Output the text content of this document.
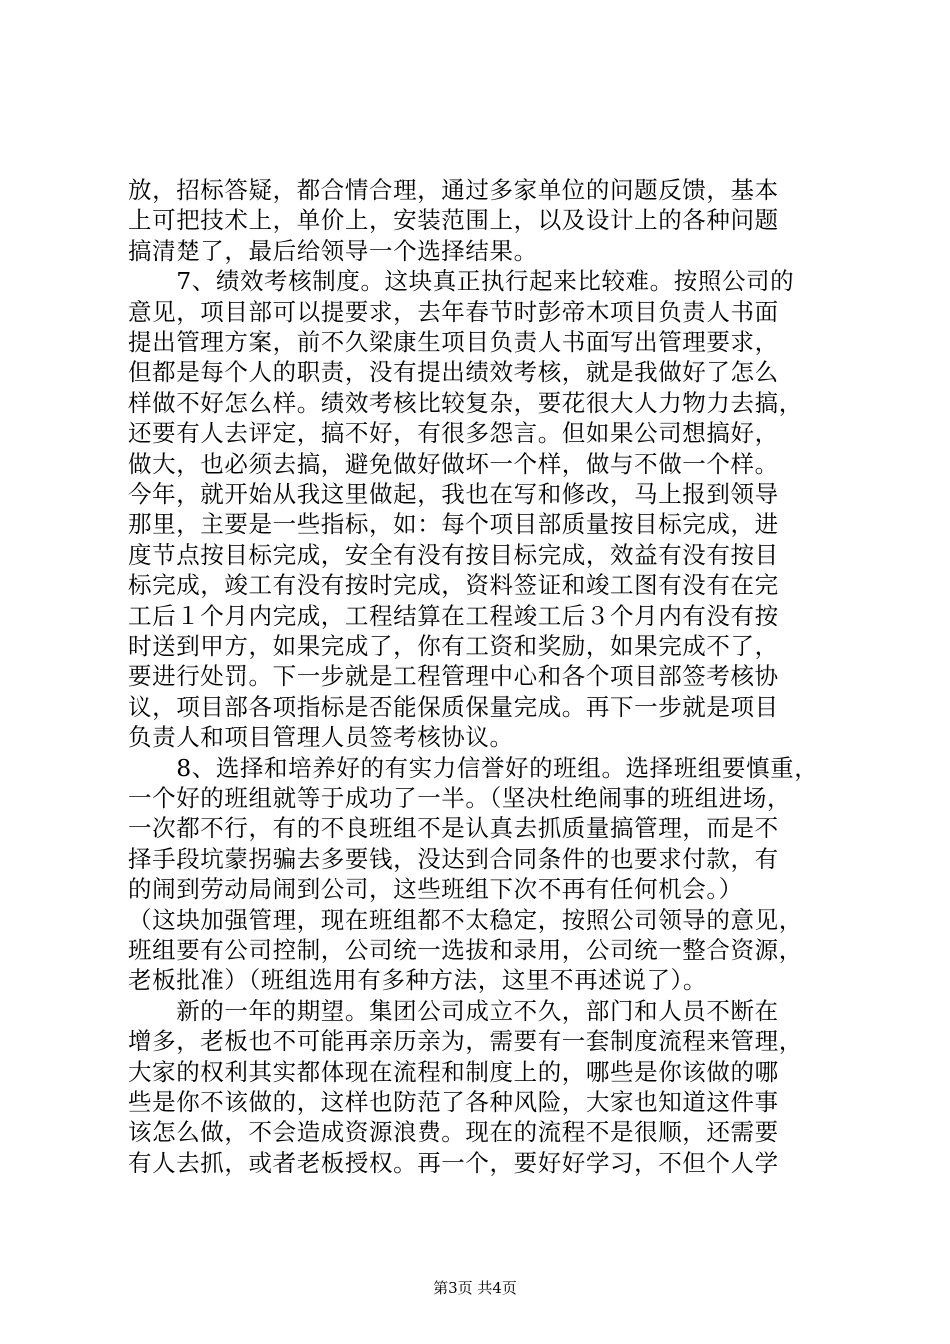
放，招标答疑，都合情合理，通过多家单位的问题反馈，基本
上可把技术上，单价上，安装范围上，以及设计上的各种问题
搞清楚了，最后给领导一个选择结果。
　　7、绩效考核制度。这块真正执行起来比较难。按照公司的
意见，项目部可以提要求，去年春节时彭帝木项目负责人书面
提出管理方案，前不久梁康生项目负责人书面写出管理要求，
但都是每个人的职责，没有提出绩效考核，就是我做好了怎么
样做不好怎么样。绩效考核比较复杂，要花很大人力物力去搞，
还要有人去评定，搞不好，有很多怨言。但如果公司想搞好，
做大，也必须去搞，避免做好做坏一个样，做与不做一个样。
今年，就开始从我这里做起，我也在写和修改，马上报到领导
那里，主要是一些指标，如：每个项目部质量按目标完成，进
度节点按目标完成，安全有没有按目标完成，效益有没有按目
标完成，竣工有没有按时完成，资料签证和竣工图有没有在完
工后１个月内完成，工程结算在工程竣工后３个月内有没有按
时送到甲方，如果完成了，你有工资和奖励，如果完成不了，
要进行处罚。下一步就是工程管理中心和各个项目部签考核协
议，项目部各项指标是否能保质保量完成。再下一步就是项目
负责人和项目管理人员签考核协议。
　　8、选择和培养好的有实力信誉好的班组。选择班组要慎重，
一个好的班组就等于成功了一半。（坚决杜绝闹事的班组进场，
一次都不行，有的不良班组不是认真去抓质量搞管理，而是不
择手段坑蒙拐骗去多要钱，没达到合同条件的也要求付款，有
的闹到劳动局闹到公司，这些班组下次不再有任何机会。）
（这块加强管理，现在班组都不太稳定，按照公司领导的意见，
班组要有公司控制，公司统一选拔和录用，公司统一整合资源，
老板批准）（班组选用有多种方法，这里不再述说了）。
　　新的一年的期望。集团公司成立不久，部门和人员不断在
增多，老板也不可能再亲历亲为，需要有一套制度流程来管理，
大家的权利其实都体现在流程和制度上的，哪些是你该做的哪
些是你不该做的，这样也防范了各种风险，大家也知道这件事
该怎么做，不会造成资源浪费。现在的流程不是很顺，还需要
有人去抓，或者老板授权。再一个，要好好学习，不但个人学
第3页 共4页
